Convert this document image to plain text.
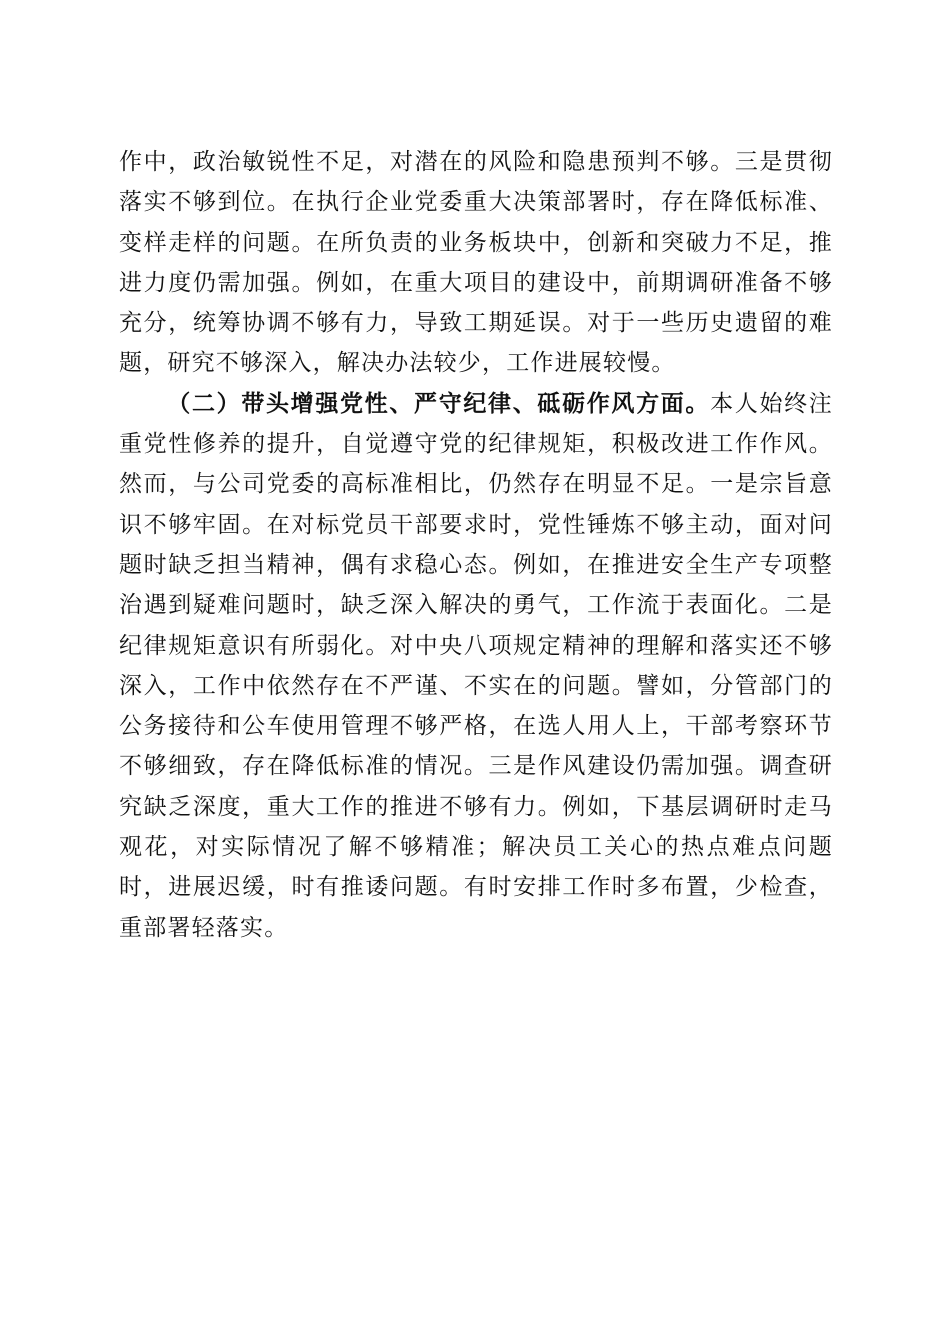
作中，政治敏锐性不足，对潜在的风险和隐患预判不够。三是贯彻落实不够到位。在执行企业党委重大决策部署时，存在降低标准、变样走样的问题。在所负责的业务板块中，创新和突破力不足，推进力度仍需加强。例如，在重大项目的建设中，前期调研准备不够充分，统筹协调不够有力，导致工期延误。对于一些历史遗留的难题，研究不够深入，解决办法较少，工作进展较慢。

（二）带头增强党性、严守纪律、砥砺作风方面。本人始终注重党性修养的提升，自觉遵守党的纪律规矩，积极改进工作作风。然而，与公司党委的高标准相比，仍然存在明显不足。一是宗旨意识不够牢固。在对标党员干部要求时，党性锤炼不够主动，面对问题时缺乏担当精神，偶有求稳心态。例如，在推进安全生产专项整治遇到疑难问题时，缺乏深入解决的勇气，工作流于表面化。二是纪律规矩意识有所弱化。对中央八项规定精神的理解和落实还不够深入，工作中依然存在不严谨、不实在的问题。譬如，分管部门的公务接待和公车使用管理不够严格，在选人用人上，干部考察环节不够细致，存在降低标准的情况。三是作风建设仍需加强。调查研究缺乏深度，重大工作的推进不够有力。例如，下基层调研时走马观花，对实际情况了解不够精准；解决员工关心的热点难点问题时，进展迟缓，时有推诿问题。有时安排工作时多布置，少检查，重部署轻落实。
